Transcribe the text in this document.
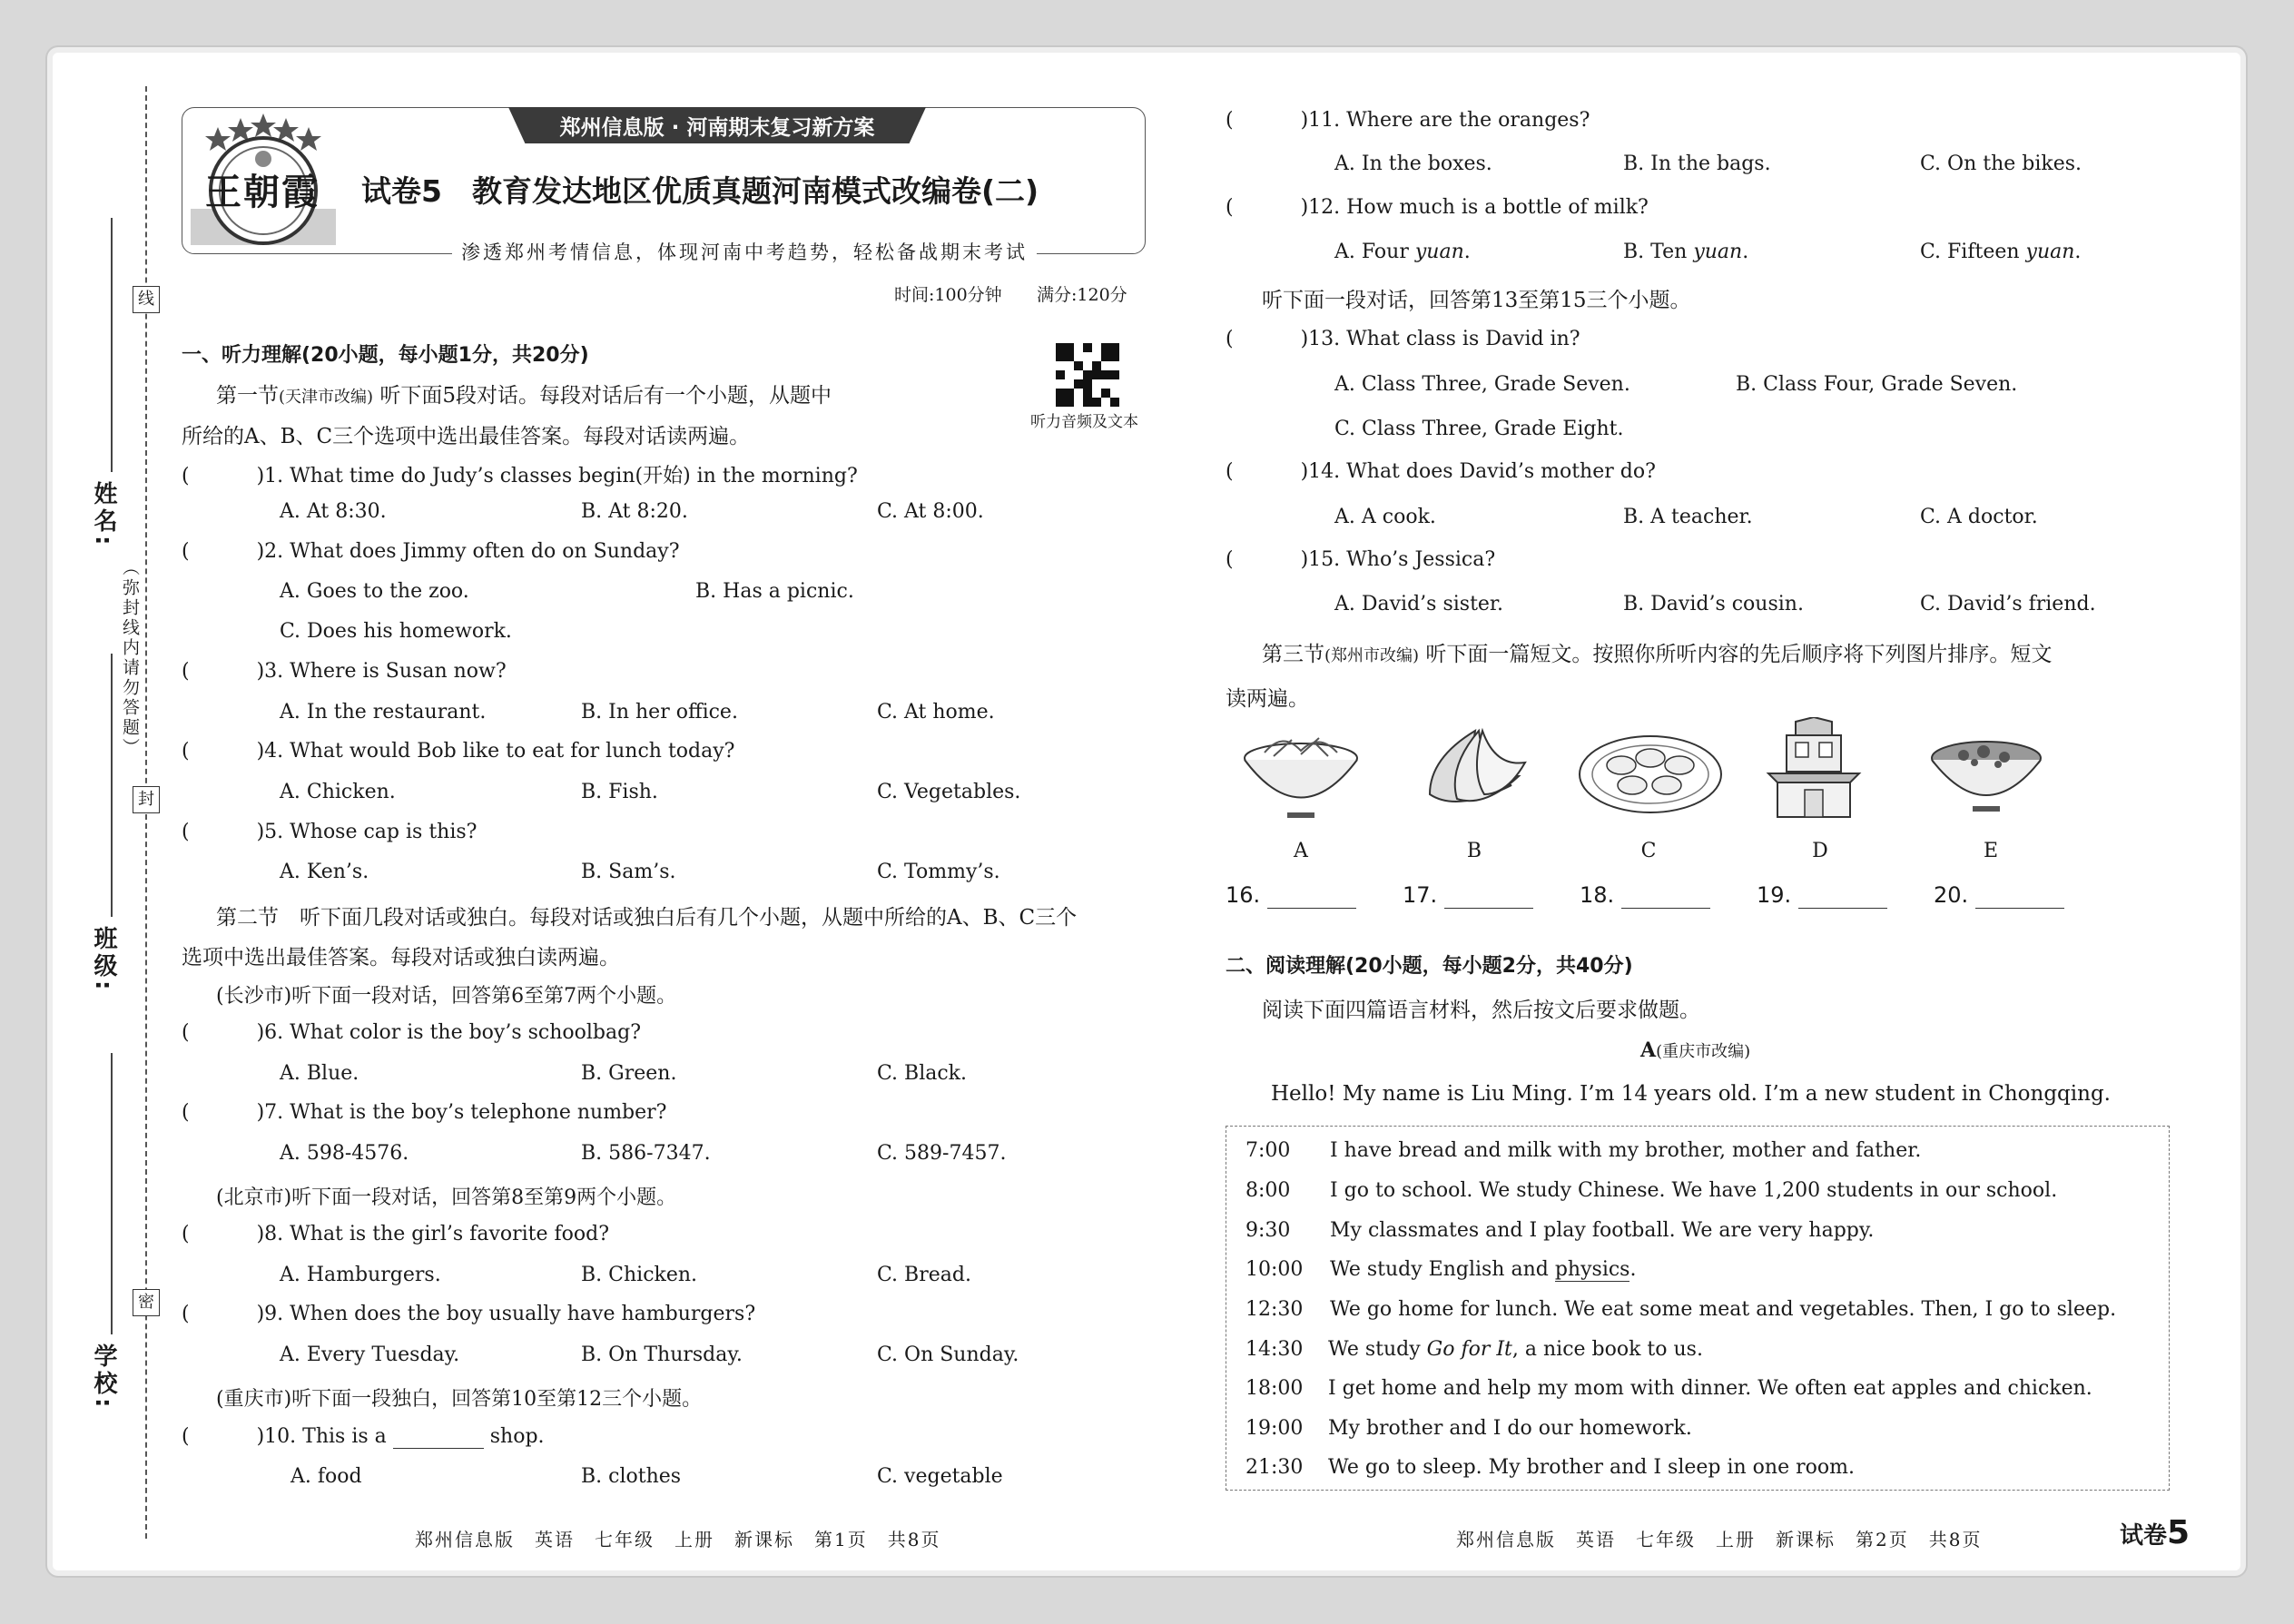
线
封
密
（弥封线内请勿答题）
姓名:
班级:
学校:
郑州信息版 · 河南期末复习新方案
王朝霞 试卷5　教育发达地区优质真题河南模式改编卷(二)
渗透郑州考情信息，体现河南中考趋势，轻松备战期末考试
时间:100分钟 满分:120分
听力音频及文本
一、听力理解(20小题，每小题1分，共20分)
第一节(天津市改编) 听下面5段对话。每段对话后有一个小题，从题中
所给的A、B、C三个选项中选出最佳答案。每段对话读两遍。
(	)1. What time do Judy’s classes begin(开始) in the morning?
A. At 8:30.	B. At 8:20.	C. At 8:00.
(	)2. What does Jimmy often do on Sunday?
A. Goes to the zoo.	B. Has a picnic.
C. Does his homework.
(	)3. Where is Susan now?
A. In the restaurant.	B. In her office.	C. At home.
(	)4. What would Bob like to eat for lunch today?
A. Chicken.	B. Fish.	C. Vegetables.
(	)5. Whose cap is this?
A. Ken’s.	B. Sam’s.	C. Tommy’s.
第二节　听下面几段对话或独白。每段对话或独白后有几个小题，从题中所给的A、B、C三个
选项中选出最佳答案。每段对话或独白读两遍。
(长沙市)听下面一段对话，回答第6至第7两个小题。
(	)6. What color is the boy’s schoolbag?
A. Blue.	B. Green.	C. Black.
(	)7. What is the boy’s telephone number?
A. 598-4576.	B. 586-7347.	C. 589-7457.
(北京市)听下面一段对话，回答第8至第9两个小题。
(	)8. What is the girl’s favorite food?
A. Hamburgers.	B. Chicken.	C. Bread.
(	)9. When does the boy usually have hamburgers?
A. Every Tuesday.	B. On Thursday.	C. On Sunday.
(重庆市)听下面一段独白，回答第10至第12三个小题。
(	)10. This is a	shop.
A. food	B. clothes	C. vegetable
郑州信息版　英语　七年级　上册　新课标　第1页　共8页
(	)11. Where are the oranges?
A. In the boxes.	B. In the bags.	C. On the bikes.
(	)12. How much is a bottle of milk?
A. Four yuan.	B. Ten yuan.	C. Fifteen yuan.
听下面一段对话，回答第13至第15三个小题。
(	)13. What class is David in?
A. Class Three, Grade Seven.	B. Class Four, Grade Seven.
C. Class Three, Grade Eight.
(	)14. What does David’s mother do?
A. A cook.	B. A teacher.	C. A doctor.
(	)15. Who’s Jessica?
A. David’s sister.	B. David’s cousin.	C. David’s friend.
第三节(郑州市改编) 听下面一篇短文。按照你所听内容的先后顺序将下列图片排序。短文
读两遍。
A	B	C	D	E
16.	17.	18.	19.	20.
二、阅读理解(20小题，每小题2分，共40分)
阅读下面四篇语言材料，然后按文后要求做题。
A(重庆市改编)
Hello! My name is Liu Ming. I’m 14 years old. I’m a new student in Chongqing.
7:00 I have bread and milk with my brother, mother and father.
8:00 I go to school. We study Chinese. We have 1,200 students in our school.
9:30 My classmates and I play football. We are very happy.
10:00 We study English and physics.
12:30 We go home for lunch. We eat some meat and vegetables. Then, I go to sleep.
14:30 We study Go for It, a nice book to us.
18:00 I get home and help my mom with dinner. We often eat apples and chicken.
19:00 My brother and I do our homework.
21:30 We go to sleep. My brother and I sleep in one room.
郑州信息版　英语　七年级　上册　新课标　第2页　共8页	试卷5
